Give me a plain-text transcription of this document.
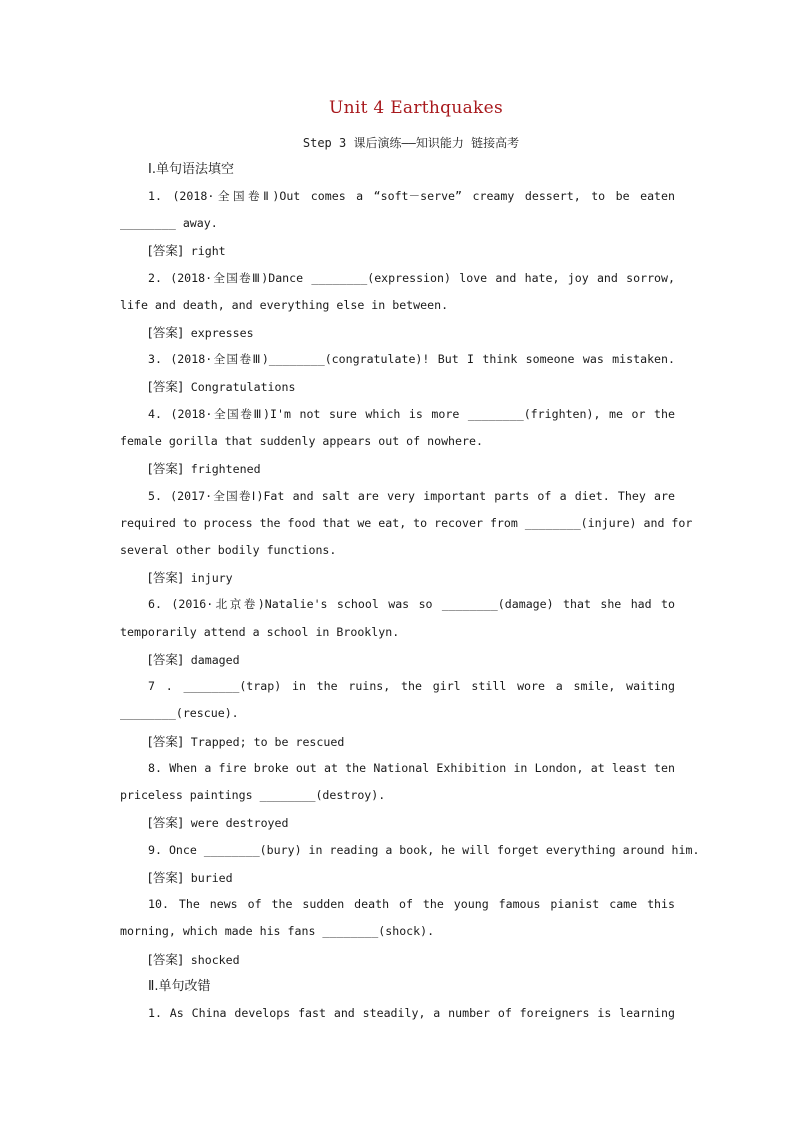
Unit 4 Earthquakes
Step 3 课后演练——知识能力 链接高考
Ⅰ.单句语法填空
1. (2018·全国卷Ⅱ)Out comes a “soft－serve” creamy dessert, to be eaten
________ away.
[答案] right
2. (2018·全国卷Ⅲ)Dance ________(expression) love and hate, joy and sorrow,
life and death, and everything else in between.
[答案] expresses
3. (2018·全国卷Ⅲ)________(congratulate)! But I think someone was mistaken.
[答案] Congratulations
4. (2018·全国卷Ⅲ)I'm not sure which is more ________(frighten), me or the
female gorilla that suddenly appears out of nowhere.
[答案] frightened
5. (2017·全国卷Ⅰ)Fat and salt are very important parts of a diet. They are
required to process the food that we eat, to recover from ________(injure) and for
several other bodily functions.
[答案] injury
6. (2016·北京卷)Natalie's school was so ________(damage) that she had to
temporarily attend a school in Brooklyn.
[答案] damaged
7 . ________(trap) in the ruins, the girl still wore a smile, waiting
________(rescue).
[答案] Trapped; to be rescued
8. When a fire broke out at the National Exhibition in London, at least ten
priceless paintings ________(destroy).
[答案] were destroyed
9. Once ________(bury) in reading a book, he will forget everything around him.
[答案] buried
10. The news of the sudden death of the young famous pianist came this
morning, which made his fans ________(shock).
[答案] shocked
Ⅱ.单句改错
1. As China develops fast and steadily, a number of foreigners is learning
